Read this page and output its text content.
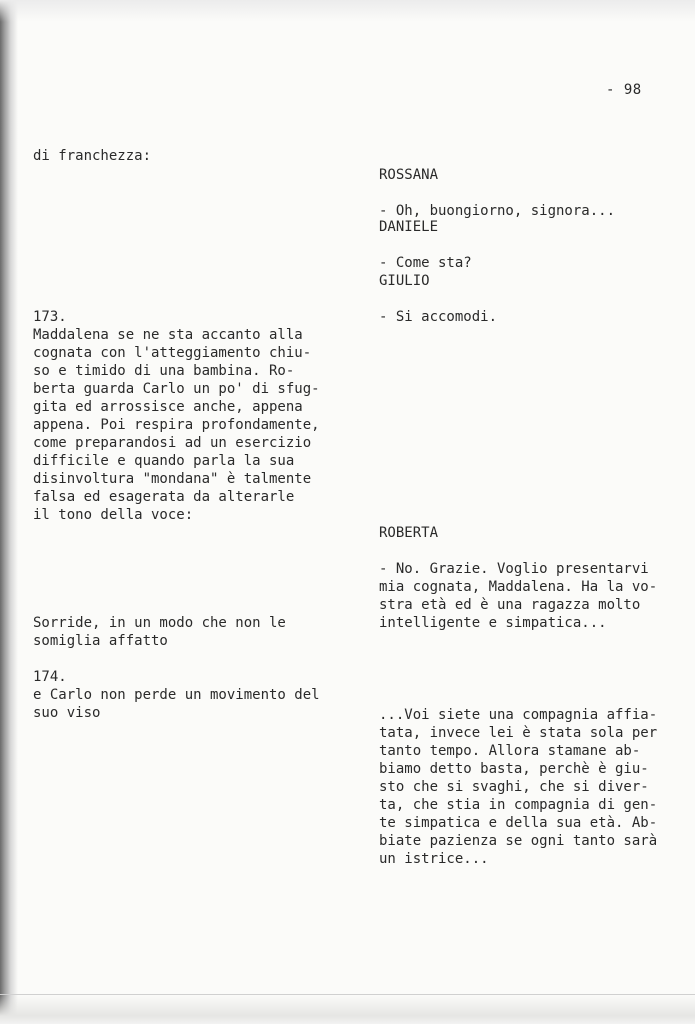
- 98
di franchezza:
173.
Maddalena se ne sta accanto alla
cognata con l'atteggiamento chiu-
so e timido di una bambina. Ro-
berta guarda Carlo un po' di sfug-
gita ed arrossisce anche, appena
appena. Poi respira profondamente,
come preparandosi ad un esercizio
difficile e quando parla la sua
disinvoltura "mondana" è talmente
falsa ed esagerata da alterarle
il tono della voce:
Sorride, in un modo che non le
somiglia affatto
174.
e Carlo non perde un movimento del
suo viso

ROSSANA

- Oh, buongiorno, signora...

DANIELE

- Come sta?

GIULIO

- Si accomodi.

ROBERTA

- No. Grazie. Voglio presentarvi
mia cognata, Maddalena. Ha la vo-
stra età ed è una ragazza molto
intelligente e simpatica...

...Voi siete una compagnia affia-
tata, invece lei è stata sola per
tanto tempo. Allora stamane ab-
biamo detto basta, perchè è giu-
sto che si svaghi, che si diver-
ta, che stia in compagnia di gen-
te simpatica e della sua età. Ab-
biate pazienza se ogni tanto sarà
un istrice...
